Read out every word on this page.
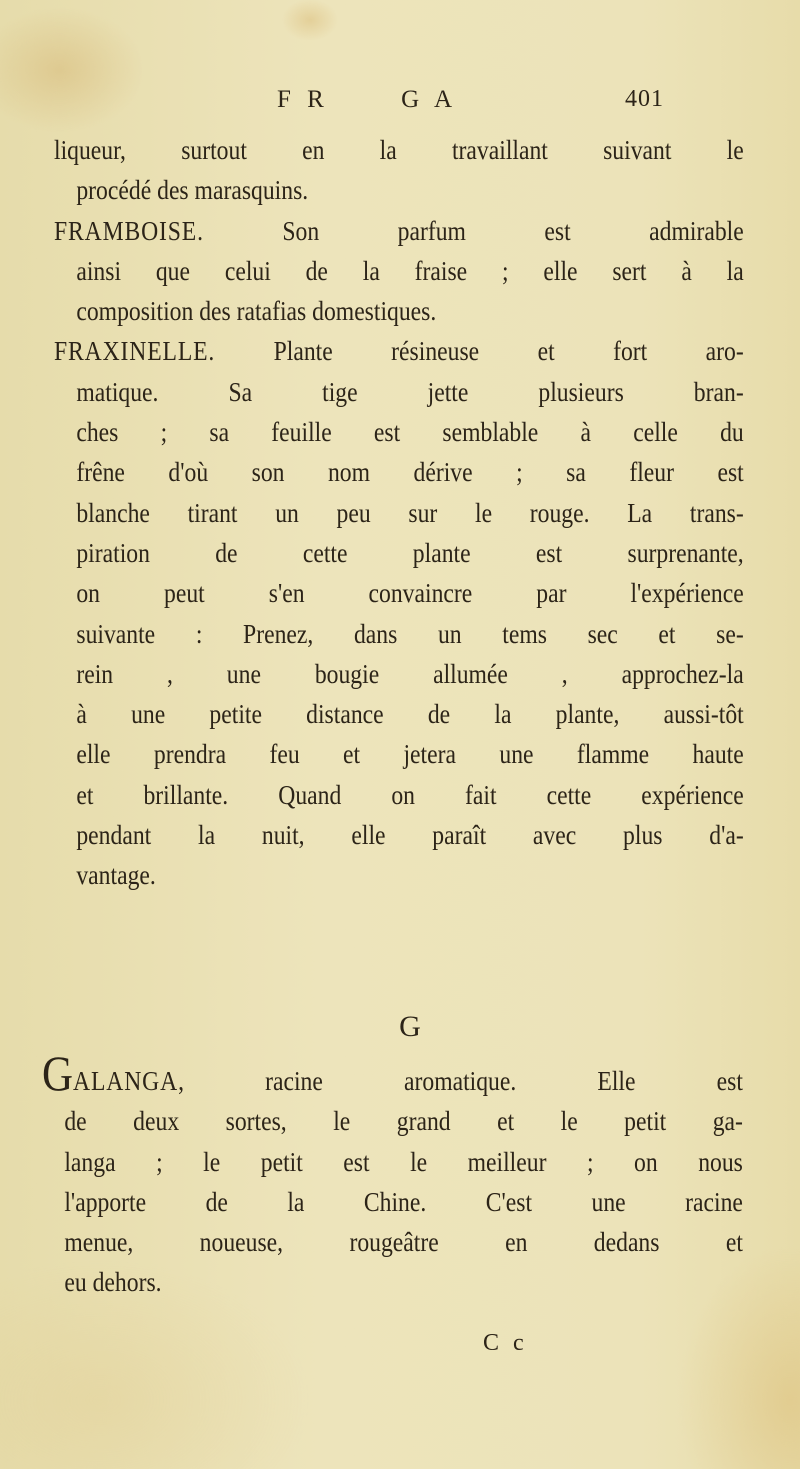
F R	G A	401
liqueur, surtout en la travaillant suivant le
procédé des marasquins.
FRAMBOISE.	Son parfum est admirable
ainsi que celui de la fraise ; elle sert à la
composition des ratafias domestiques.
FRAXINELLE. Plante résineuse et fort aro-
matique. Sa tige jette plusieurs bran-
ches ; sa feuille est semblable à celle du
frêne d'où son nom dérive ; sa fleur est
blanche tirant un peu sur le rouge. La trans-
piration de cette plante est surprenante,
on peut s'en convaincre par l'expérience
suivante : Prenez, dans un tems sec et se-
rein , une bougie allumée , approchez-la
à une petite distance de la plante, aussi-tôt
elle prendra feu et jetera une flamme haute
et brillante. Quand on fait cette expérience
pendant la nuit, elle paraît avec plus d'a-
vantage.
G
GALANGA, racine aromatique. Elle est
de deux sortes, le grand et le petit ga-
langa ; le petit est le meilleur ; on nous
l'apporte de la Chine. C'est une racine
menue, noueuse, rougeâtre en dedans et
eu dehors.
C c
